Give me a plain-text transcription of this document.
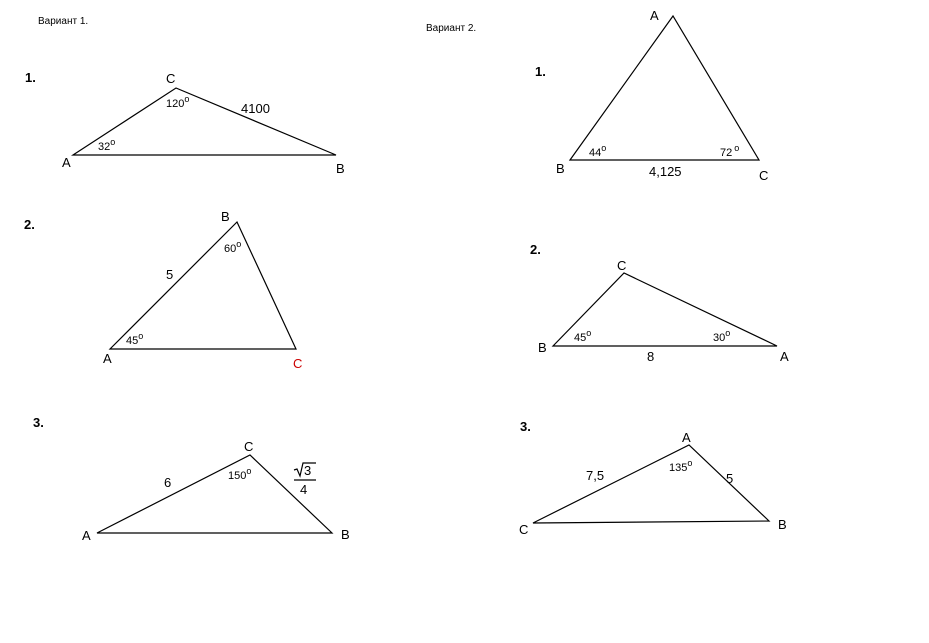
Вариант 1.
1.	C
A	B
120$^o$
32$^o$
4100
2.
B
A	C
60$^o$
45$^o$
5
3.
C
A	B
150$^o$
6
3
4
Вариант 2.
1.
A
B	C
44$^o$	72 $^o$
4,125
2.
C
B
A
45$^o$	30$^o$
8
3.
A
C	B
135$^o$
7,5	5
